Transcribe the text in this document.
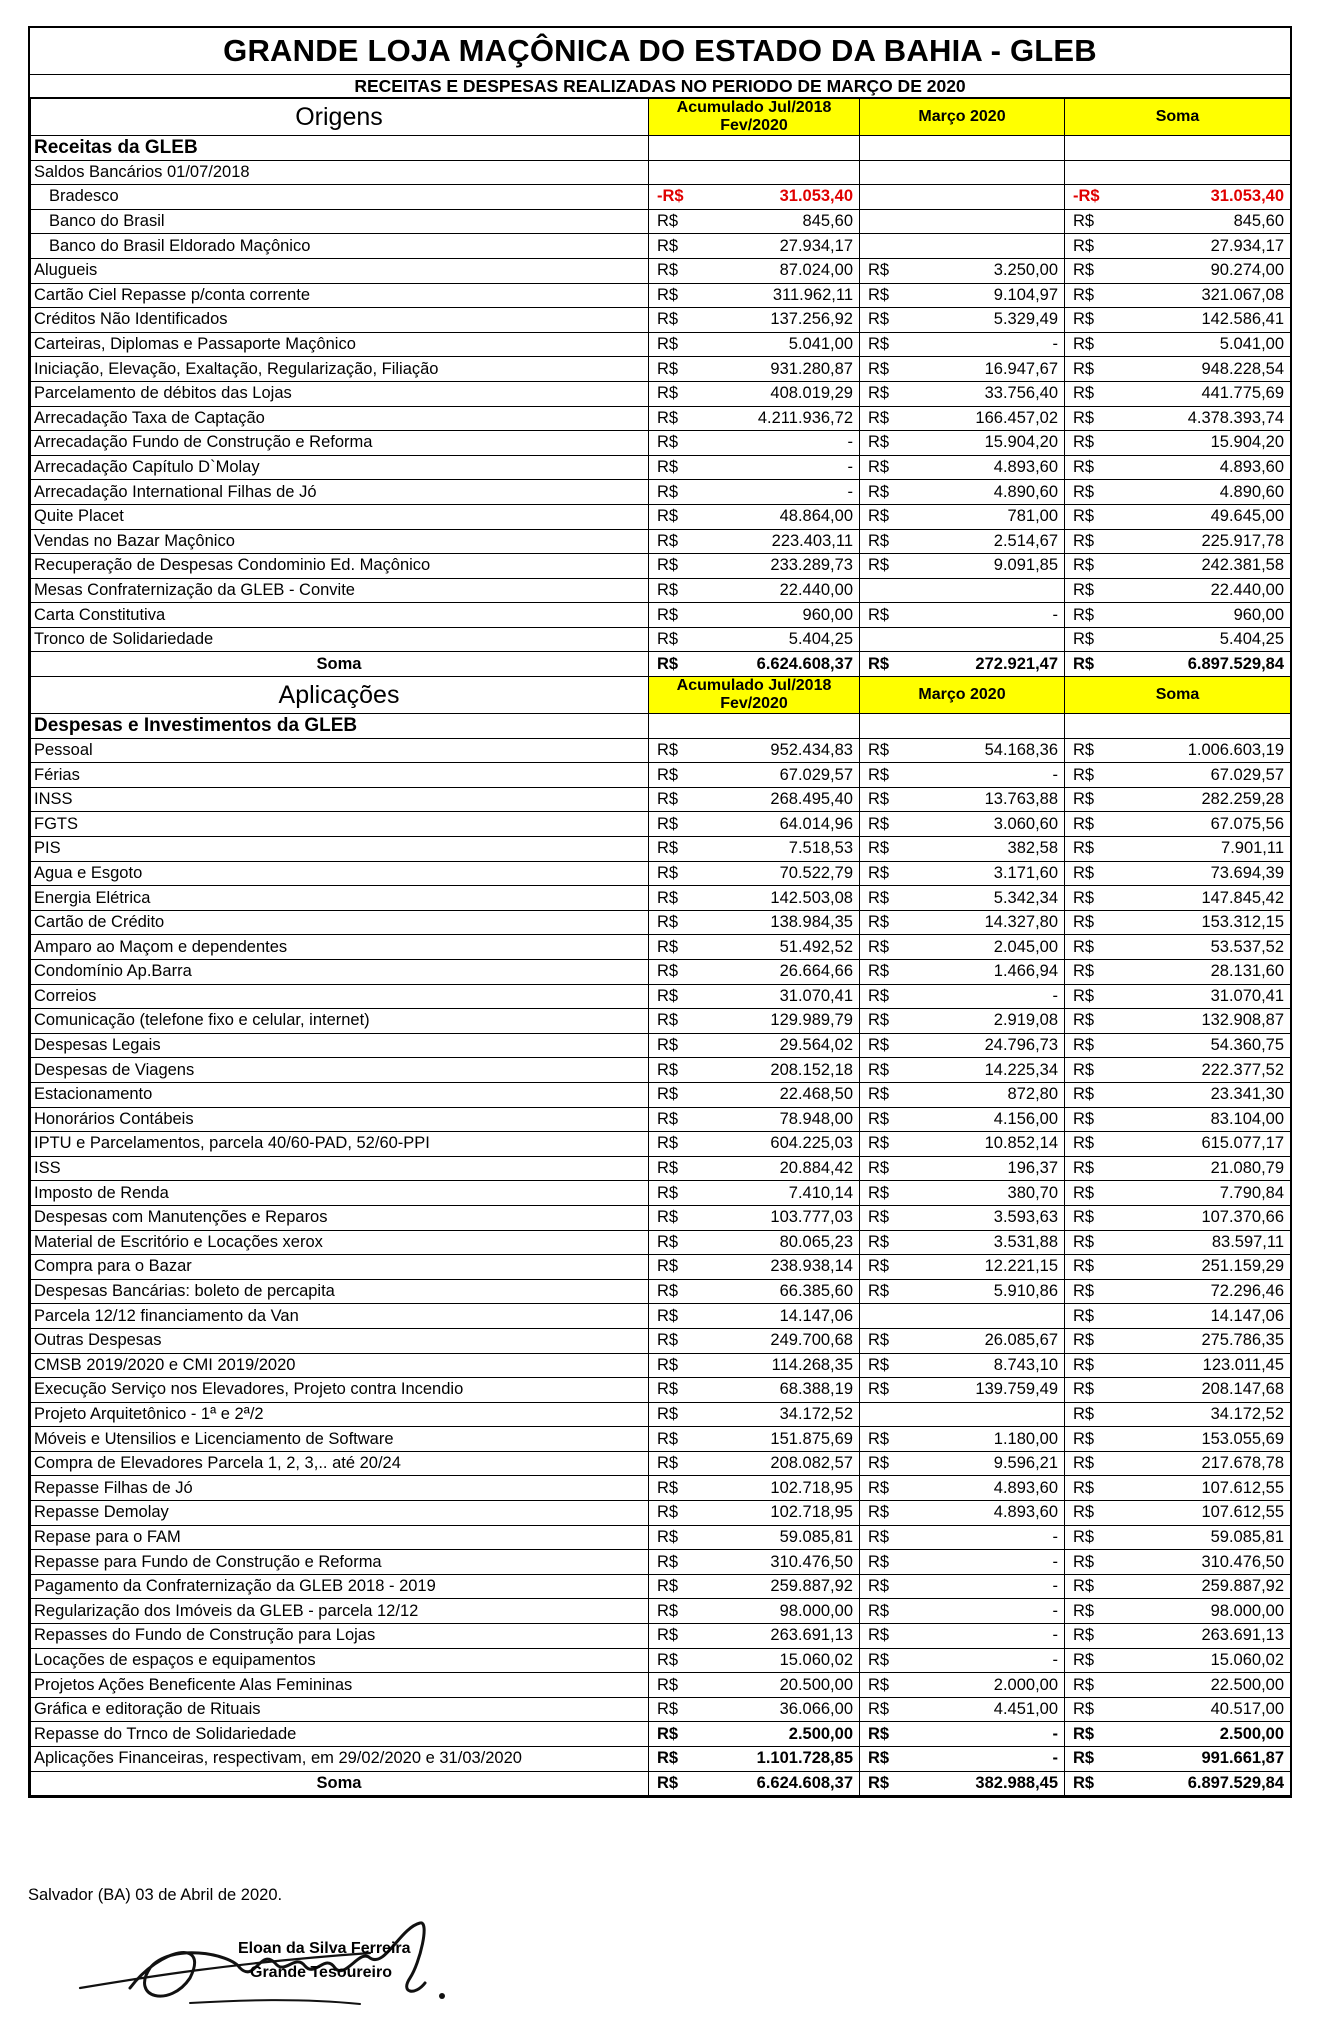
GRANDE LOJA MAÇÔNICA DO ESTADO DA BAHIA - GLEB
RECEITAS E DESPESAS REALIZADAS NO PERIODO DE MARÇO DE 2020
Origens	Acumulado Jul/2018 Fev/2020		Março 2020		Soma	
Receitas da GLEB						
Saldos Bancários 01/07/2018						
Bradesco	-R$	31.053,40			-R$	31.053,40
Banco do Brasil	R$	845,60			R$	845,60
Banco do Brasil Eldorado Maçônico	R$	27.934,17			R$	27.934,17
Alugueis	R$	87.024,00	R$	3.250,00	R$	90.274,00
Cartão Ciel Repasse p/conta corrente	R$	311.962,11	R$	9.104,97	R$	321.067,08
Créditos Não Identificados	R$	137.256,92	R$	5.329,49	R$	142.586,41
Carteiras, Diplomas e Passaporte Maçônico	R$	5.041,00	R$	-	R$	5.041,00
Iniciação, Elevação, Exaltação, Regularização, Filiação	R$	931.280,87	R$	16.947,67	R$	948.228,54
Parcelamento de débitos das Lojas	R$	408.019,29	R$	33.756,40	R$	441.775,69
Arrecadação Taxa de Captação	R$	4.211.936,72	R$	166.457,02	R$	4.378.393,74
Arrecadação Fundo de Construção e Reforma	R$	-	R$	15.904,20	R$	15.904,20
Arrecadação Capítulo D`Molay	R$	-	R$	4.893,60	R$	4.893,60
Arrecadação International Filhas de Jó	R$	-	R$	4.890,60	R$	4.890,60
Quite Placet	R$	48.864,00	R$	781,00	R$	49.645,00
Vendas no Bazar Maçônico	R$	223.403,11	R$	2.514,67	R$	225.917,78
Recuperação de Despesas Condominio Ed. Maçônico	R$	233.289,73	R$	9.091,85	R$	242.381,58
Mesas Confraternização da GLEB - Convite	R$	22.440,00			R$	22.440,00
Carta Constitutiva	R$	960,00	R$	-	R$	960,00
Tronco de Solidariedade	R$	5.404,25			R$	5.404,25
Soma	R$	6.624.608,37	R$	272.921,47	R$	6.897.529,84
Aplicações	Acumulado Jul/2018 Fev/2020		Março 2020		Soma	
Despesas e Investimentos da GLEB						
Pessoal	R$	952.434,83	R$	54.168,36	R$	1.006.603,19
Férias	R$	67.029,57	R$	-	R$	67.029,57
INSS	R$	268.495,40	R$	13.763,88	R$	282.259,28
FGTS	R$	64.014,96	R$	3.060,60	R$	67.075,56
PIS	R$	7.518,53	R$	382,58	R$	7.901,11
Agua e Esgoto	R$	70.522,79	R$	3.171,60	R$	73.694,39
Energia Elétrica	R$	142.503,08	R$	5.342,34	R$	147.845,42
Cartão de Crédito	R$	138.984,35	R$	14.327,80	R$	153.312,15
Amparo ao Maçom e dependentes	R$	51.492,52	R$	2.045,00	R$	53.537,52
Condomínio Ap.Barra	R$	26.664,66	R$	1.466,94	R$	28.131,60
Correios	R$	31.070,41	R$	-	R$	31.070,41
Comunicação (telefone fixo e celular, internet)	R$	129.989,79	R$	2.919,08	R$	132.908,87
Despesas Legais	R$	29.564,02	R$	24.796,73	R$	54.360,75
Despesas de Viagens	R$	208.152,18	R$	14.225,34	R$	222.377,52
Estacionamento	R$	22.468,50	R$	872,80	R$	23.341,30
Honorários Contábeis	R$	78.948,00	R$	4.156,00	R$	83.104,00
IPTU e Parcelamentos, parcela 40/60-PAD, 52/60-PPI	R$	604.225,03	R$	10.852,14	R$	615.077,17
ISS	R$	20.884,42	R$	196,37	R$	21.080,79
Imposto de Renda	R$	7.410,14	R$	380,70	R$	7.790,84
Despesas com Manutenções e Reparos	R$	103.777,03	R$	3.593,63	R$	107.370,66
Material de Escritório e Locações xerox	R$	80.065,23	R$	3.531,88	R$	83.597,11
Compra para o Bazar	R$	238.938,14	R$	12.221,15	R$	251.159,29
Despesas Bancárias: boleto de percapita	R$	66.385,60	R$	5.910,86	R$	72.296,46
Parcela 12/12 financiamento da Van	R$	14.147,06			R$	14.147,06
Outras Despesas	R$	249.700,68	R$	26.085,67	R$	275.786,35
CMSB 2019/2020 e CMI 2019/2020	R$	114.268,35	R$	8.743,10	R$	123.011,45
Execução Serviço nos Elevadores, Projeto contra Incendio	R$	68.388,19	R$	139.759,49	R$	208.147,68
Projeto Arquitetônico - 1ª e 2ª/2	R$	34.172,52			R$	34.172,52
Móveis e Utensilios e Licenciamento de Software	R$	151.875,69	R$	1.180,00	R$	153.055,69
Compra de Elevadores Parcela 1, 2, 3,.. até 20/24	R$	208.082,57	R$	9.596,21	R$	217.678,78
Repasse Filhas de Jó	R$	102.718,95	R$	4.893,60	R$	107.612,55
Repasse Demolay	R$	102.718,95	R$	4.893,60	R$	107.612,55
Repase para o FAM	R$	59.085,81	R$	-	R$	59.085,81
Repasse para Fundo de Construção e Reforma	R$	310.476,50	R$	-	R$	310.476,50
Pagamento da Confraternização da GLEB 2018 - 2019	R$	259.887,92	R$	-	R$	259.887,92
Regularização dos Imóveis da GLEB - parcela 12/12	R$	98.000,00	R$	-	R$	98.000,00
Repasses do Fundo de Construção para Lojas	R$	263.691,13	R$	-	R$	263.691,13
Locações de espaços e equipamentos	R$	15.060,02	R$	-	R$	15.060,02
Projetos Ações Beneficente Alas Femininas	R$	20.500,00	R$	2.000,00	R$	22.500,00
Gráfica e editoração de Rituais	R$	36.066,00	R$	4.451,00	R$	40.517,00
Repasse do Trnco de Solidariedade	R$	2.500,00	R$	-	R$	2.500,00
Aplicações Financeiras, respectivam, em 29/02/2020 e 31/03/2020	R$	1.101.728,85	R$	-	R$	991.661,87
Soma	R$	6.624.608,37	R$	382.988,45	R$	6.897.529,84
Salvador (BA) 03 de Abril de 2020.
Eloan da Silva Ferreira
Grande Tesoureiro
